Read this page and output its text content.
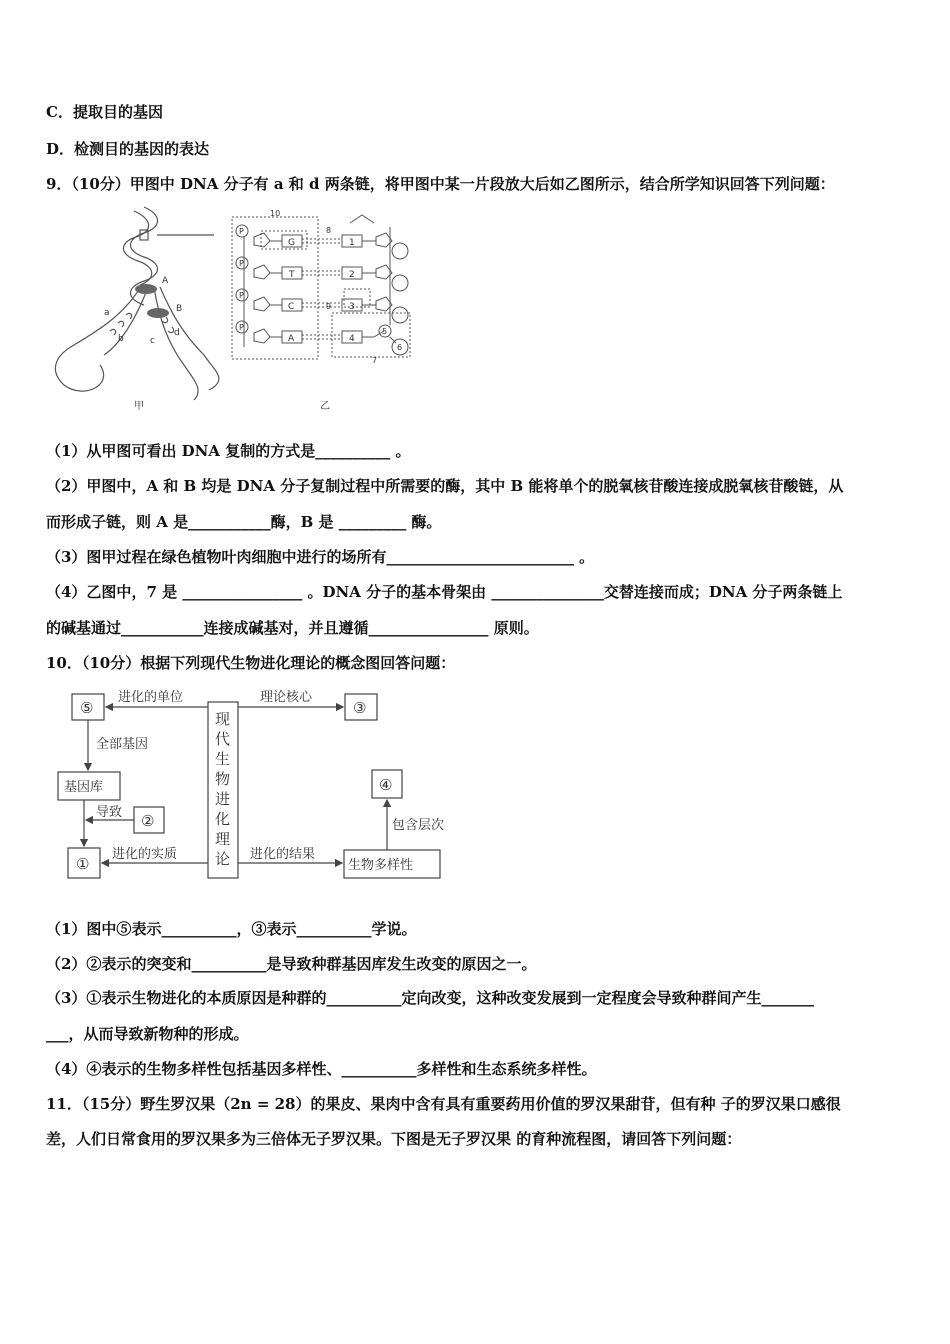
C．提取目的基因
D．检测目的基因的表达
9．（10分）甲图中 DNA 分子有 a 和 d 两条链，将甲图中某一片段放大后如乙图所示，结合所学知识回答下列问题：
A
B
a
b	c
d
甲
P
P
P
P
G
T
C
A
1
2
3
4
5
6
10
8
9
7
乙
（1）从甲图可看出 DNA 复制的方式是__________ 。
（2）甲图中，A 和 B 均是 DNA 分子复制过程中所需要的酶，其中 B 能将单个的脱氧核苷酸连接成脱氧核苷酸链，从
而形成子链，则 A 是___________酶，B 是 _________ 酶。
（3）图甲过程在绿色植物叶肉细胞中进行的场所有_________________________ 。
（4）乙图中，7 是 ________________ 。DNA 分子的基本骨架由 _______________交替连接而成；DNA 分子两条链上
的碱基通过___________连接成碱基对，并且遵循________________ 原则。
10．（10分）根据下列现代生物进化理论的概念图回答问题：
现
代
生
物
进
化
理
论
⑤	③
②
①
④
基因库
生物多样性
进化的单位	理论核心
全部基因
导致
进化的实质	进化的结果
包含层次
（1）图中⑤表示__________，③表示__________学说。
（2）②表示的突变和__________是导致种群基因库发生改变的原因之一。
（3）①表示生物进化的本质原因是种群的__________定向改变，这种改变发展到一定程度会导致种群间产生_______
___，从而导致新物种的形成。
（4）④表示的生物多样性包括基因多样性、__________多样性和生态系统多样性。
11．（15分）野生罗汉果（2n = 28）的果皮、果肉中含有具有重要药用价值的罗汉果甜苷，但有种 子的罗汉果口感很
差，人们日常食用的罗汉果多为三倍体无子罗汉果。下图是无子罗汉果 的育种流程图，请回答下列问题：
